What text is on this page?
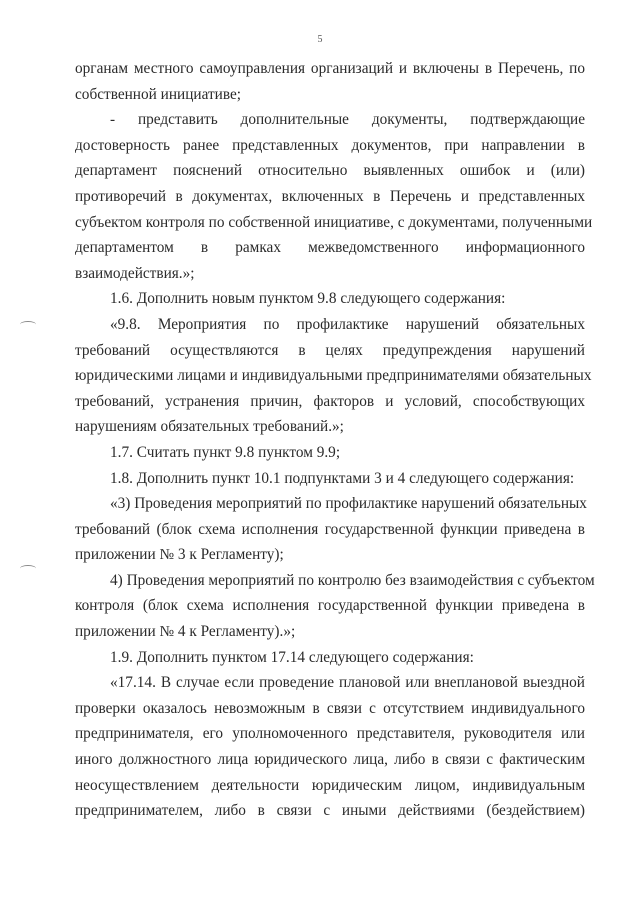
5

органам местного самоуправления организаций и включены в Перечень, по
собственной инициативе;

- представить дополнительные документы, подтверждающие
достоверность ранее представленных документов, при направлении в
департамент пояснений относительно выявленных ошибок и (или)
противоречий в документах, включенных в Перечень и представленных
субъектом контроля по собственной инициативе, с документами, полученными
департаментом в рамках межведомственного информационного
взаимодействия.»;

1.6. Дополнить новым пунктом 9.8 следующего содержания:

«9.8. Мероприятия по профилактике нарушений обязательных
требований осуществляются в целях предупреждения нарушений
юридическими лицами и индивидуальными предпринимателями обязательных
требований, устранения причин, факторов и условий, способствующих
нарушениям обязательных требований.»;

1.7. Считать пункт 9.8 пунктом 9.9;

1.8. Дополнить пункт 10.1 подпунктами 3 и 4 следующего содержания:

«3) Проведения мероприятий по профилактике нарушений обязательных
требований (блок схема исполнения государственной функции приведена в
приложении № 3 к Регламенту);

4) Проведения мероприятий по контролю без взаимодействия с субъектом
контроля (блок схема исполнения государственной функции приведена в
приложении № 4 к Регламенту).»;

1.9. Дополнить пунктом 17.14 следующего содержания:

«17.14. В случае если проведение плановой или внеплановой выездной
проверки оказалось невозможным в связи с отсутствием индивидуального
предпринимателя, его уполномоченного представителя, руководителя или
иного должностного лица юридического лица, либо в связи с фактическим
неосуществлением деятельности юридическим лицом, индивидуальным
предпринимателем, либо в связи с иными действиями (бездействием)
